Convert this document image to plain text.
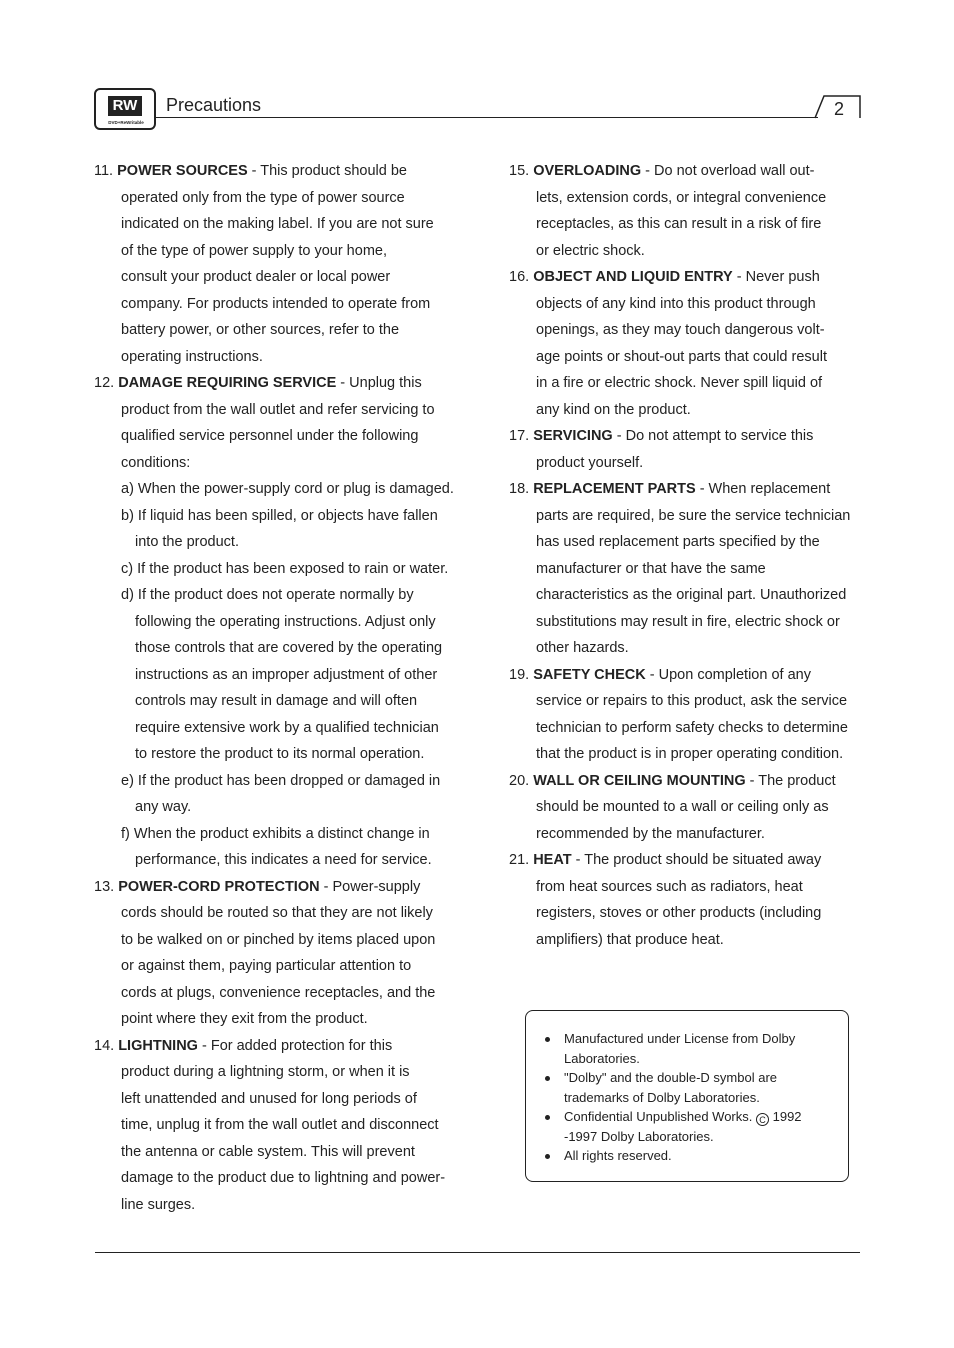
RW
DVD+ReWritable
Precautions	2
11. POWER SOURCES - This product should be
operated only from the type of power source
indicated on the making label. If you are not sure
of the type of power supply to your home,
consult your product dealer or local power
company. For products intended to operate from
battery power, or other sources, refer to the
operating instructions.
12. DAMAGE REQUIRING SERVICE - Unplug this
product from the wall outlet and refer servicing to
qualified service personnel under the following
conditions:
a) When the power-supply cord or plug is damaged.
b) If liquid has been spilled, or objects have fallen
into the product.
c) If the product has been exposed to rain or water.
d) If the product does not operate normally by
following the operating instructions. Adjust only
those controls that are covered by the operating
instructions as an improper adjustment of other
controls may result in damage and will often
require extensive work by a qualified technician
to restore the product to its normal operation.
e) If the product has been dropped or damaged in
any way.
f) When the product exhibits a distinct change in
performance, this indicates a need for service.
13. POWER-CORD PROTECTION - Power-supply
cords should be routed so that they are not likely
to be walked on or pinched by items placed upon
or against them, paying particular attention to
cords at plugs, convenience receptacles, and the
point where they exit from the product.
14. LIGHTNING - For added protection for this
product during a lightning storm, or when it is
left unattended and unused for long periods of
time, unplug it from the wall outlet and disconnect
the antenna or cable system. This will prevent
damage to the product due to lightning and power-
line surges.
15. OVERLOADING - Do not overload wall out-
lets, extension cords, or integral convenience
receptacles, as this can result in a risk of fire
or electric shock.
16. OBJECT AND LIQUID ENTRY - Never push
objects of any kind into this product through
openings, as they may touch dangerous volt-
age points or shout-out parts that could result
in a fire or electric shock. Never spill liquid of
any kind on the product.
17. SERVICING - Do not attempt to service this
product yourself.
18. REPLACEMENT PARTS - When replacement
parts are required, be sure the service technician
has used replacement parts specified by the
manufacturer or that have the same
characteristics as the original part. Unauthorized
substitutions may result in fire, electric shock or
other hazards.
19. SAFETY CHECK - Upon completion of any
service or repairs to this product, ask the service
technician to perform safety checks to determine
that the product is in proper operating condition.
20. WALL OR CEILING MOUNTING - The product
should be mounted to a wall or ceiling only as
recommended by the manufacturer.
21. HEAT - The product should be situated away
from heat sources such as radiators, heat
registers, stoves or other products (including
amplifiers) that produce heat.
Manufactured under License from Dolby Laboratories.
"Dolby" and the double-D symbol are trademarks of Dolby Laboratories.
Confidential Unpublished Works. C 1992 -1997 Dolby Laboratories.
All rights reserved.
